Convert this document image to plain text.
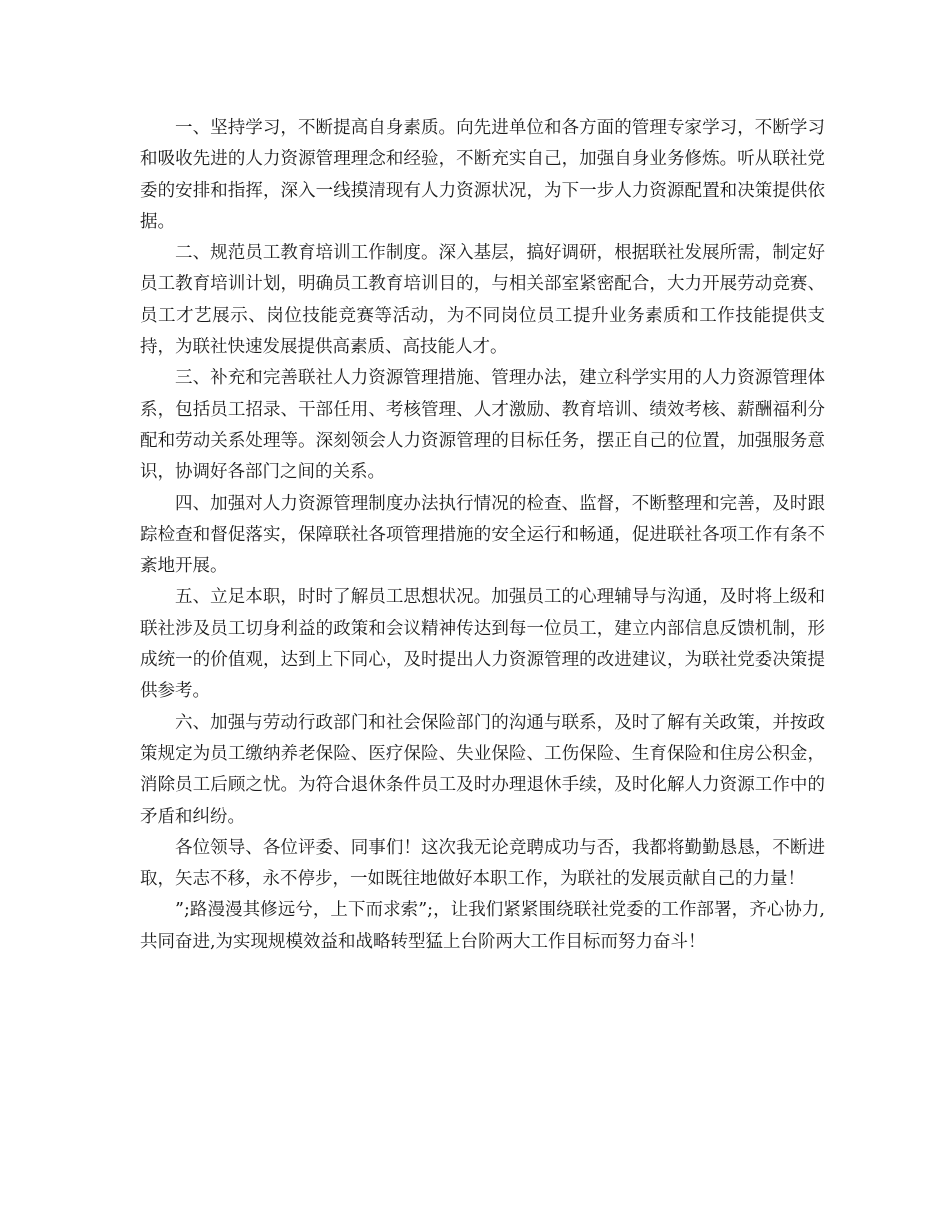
一、坚持学习，不断提高自身素质。向先进单位和各方面的管理专家学习，不断学习和吸收先进的人力资源管理理念和经验，不断充实自己，加强自身业务修炼。听从联社党委的安排和指挥，深入一线摸清现有人力资源状况，为下一步人力资源配置和决策提供依据。

二、规范员工教育培训工作制度。深入基层，搞好调研，根据联社发展所需，制定好员工教育培训计划，明确员工教育培训目的，与相关部室紧密配合，大力开展劳动竞赛、员工才艺展示、岗位技能竞赛等活动，为不同岗位员工提升业务素质和工作技能提供支持，为联社快速发展提供高素质、高技能人才。

三、补充和完善联社人力资源管理措施、管理办法，建立科学实用的人力资源管理体系，包括员工招录、干部任用、考核管理、人才激励、教育培训、绩效考核、薪酬福利分配和劳动关系处理等。深刻领会人力资源管理的目标任务，摆正自己的位置，加强服务意识，协调好各部门之间的关系。

四、加强对人力资源管理制度办法执行情况的检查、监督，不断整理和完善，及时跟踪检查和督促落实，保障联社各项管理措施的安全运行和畅通，促进联社各项工作有条不紊地开展。

五、立足本职，时时了解员工思想状况。加强员工的心理辅导与沟通，及时将上级和联社涉及员工切身利益的政策和会议精神传达到每一位员工，建立内部信息反馈机制，形成统一的价值观，达到上下同心，及时提出人力资源管理的改进建议，为联社党委决策提供参考。

六、加强与劳动行政部门和社会保险部门的沟通与联系，及时了解有关政策，并按政策规定为员工缴纳养老保险、医疗保险、失业保险、工伤保险、生育保险和住房公积金，消除员工后顾之忧。为符合退休条件员工及时办理退休手续，及时化解人力资源工作中的矛盾和纠纷。

各位领导、各位评委、同事们！这次我无论竞聘成功与否，我都将勤勤恳恳，不断进取，矢志不移，永不停步，一如既往地做好本职工作，为联社的发展贡献自己的力量！

”;路漫漫其修远兮，上下而求索”;，让我们紧紧围绕联社党委的工作部署，齐心协力,共同奋进,为实现规模效益和战略转型猛上台阶两大工作目标而努力奋斗！
